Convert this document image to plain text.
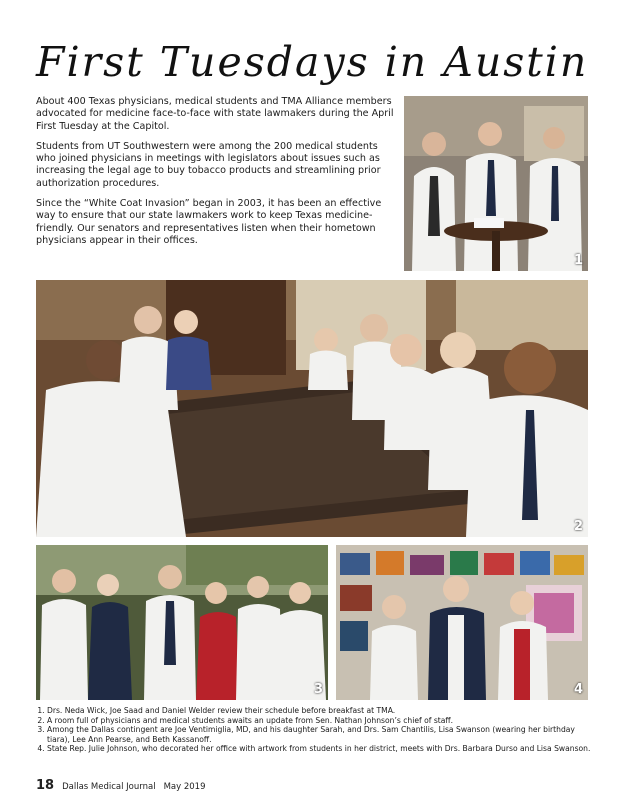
First Tuesdays in Austin

About 400 Texas physicians, medical students and TMA Alliance members advocated for medicine face-to-face with state lawmakers during the April First Tuesday at the Capitol.

Students from UT Southwestern were among the 200 medical students who joined physicians in meetings with legislators about issues such as increasing the legal age to buy tobacco products and streamlining prior authorization procedures.

Since the “White Coat Invasion” began in 2003, it has been an effective way to ensure that our state lawmakers work to keep Texas medicine-friendly. Our senators and representatives listen when their hometown physicians appear in their offices.

1
2
3	4
1. Drs. Neda Wick, Joe Saad and Daniel Welder review their schedule before breakfast at TMA.
2. A room full of physicians and medical students awaits an update from Sen. Nathan Johnson’s chief of staff.
3. Among the Dallas contingent are Joe Ventimiglia, MD, and his daughter Sarah, and Drs. Sam Chantilis, Lisa Swanson (wearing her birthday tiara), Lee Ann Pearse, and Beth Kassanoff.
4. State Rep. Julie Johnson, who decorated her office with artwork from students in her district, meets with Drs. Barbara Durso and Lisa Swanson.
18 Dallas Medical Journal May 2019
